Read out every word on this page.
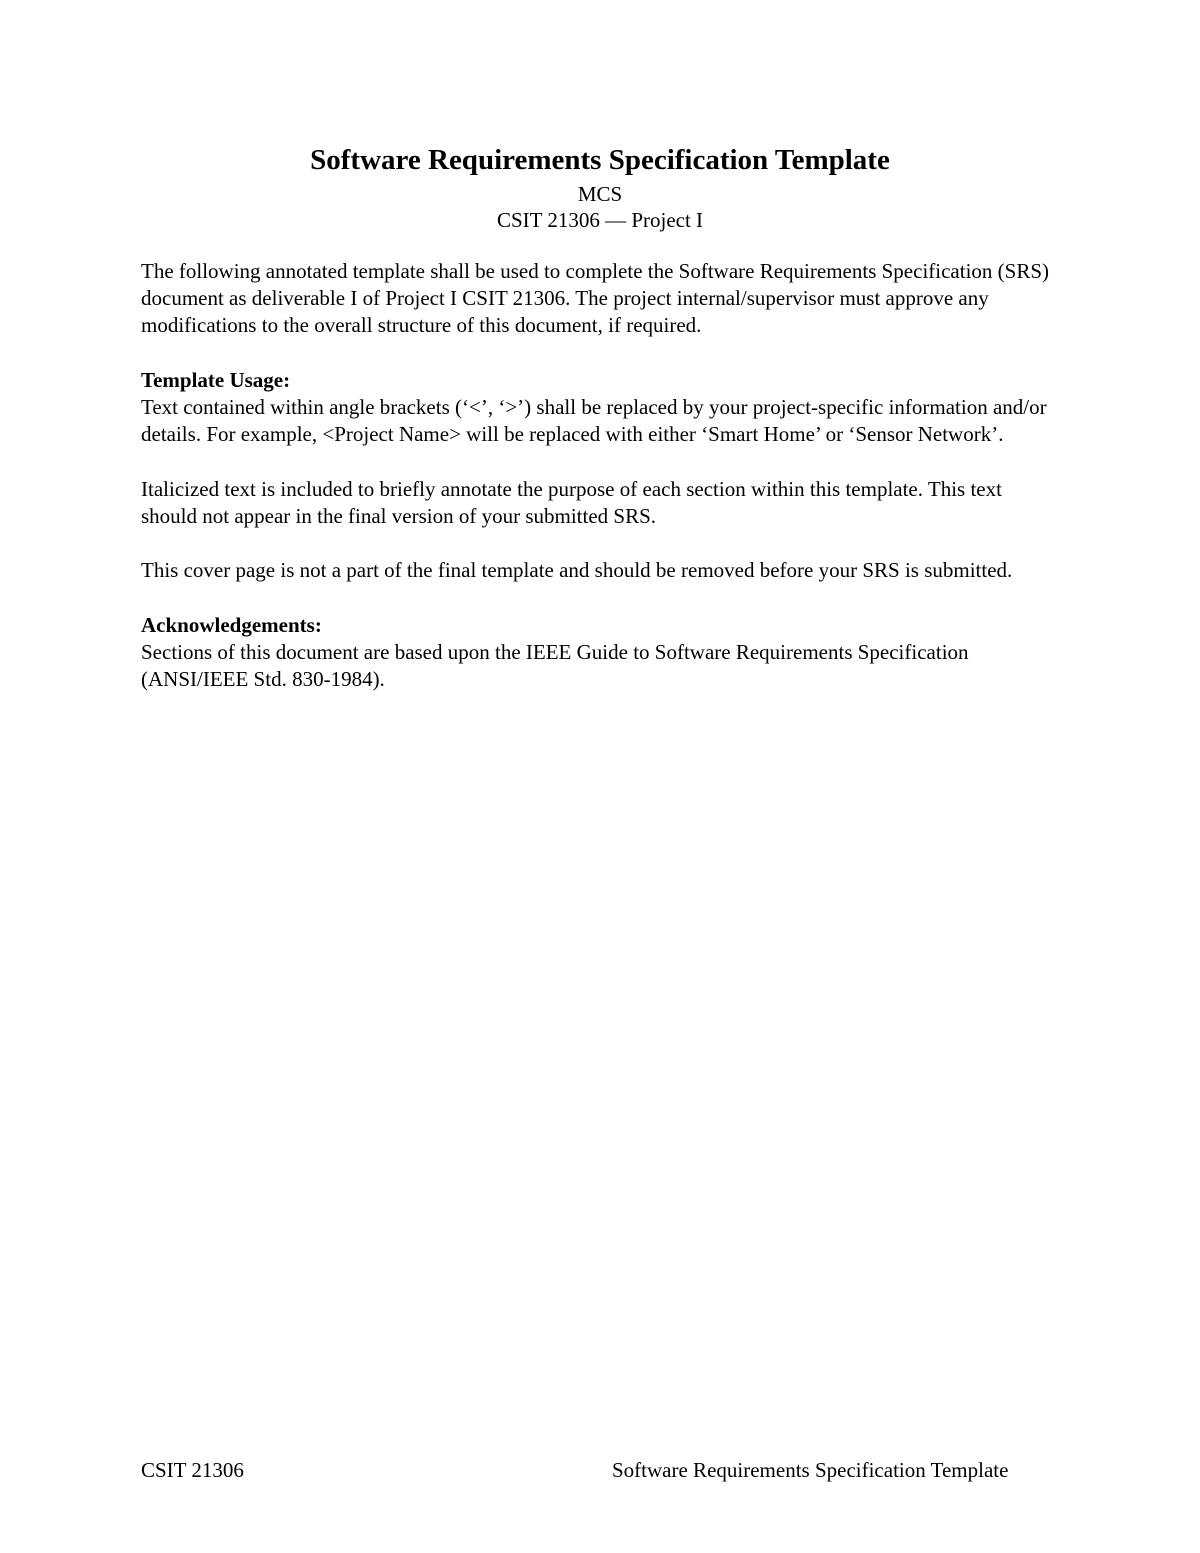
Software Requirements Specification Template
MCS
CSIT 21306 — Project I

The following annotated template shall be used to complete the Software Requirements Specification (SRS) document as deliverable I of Project I CSIT 21306. The project internal/supervisor must approve any modifications to the overall structure of this document, if required.

Template Usage:
Text contained within angle brackets (‘<’, ‘>’) shall be replaced by your project-specific information and/or details. For example, <Project Name> will be replaced with either ‘Smart Home’ or ‘Sensor Network’.

Italicized text is included to briefly annotate the purpose of each section within this template. This text should not appear in the final version of your submitted SRS.

This cover page is not a part of the final template and should be removed before your SRS is submitted.

Acknowledgements:
Sections of this document are based upon the IEEE Guide to Software Requirements Specification (ANSI/IEEE Std. 830-1984).
CSIT 21306	Software Requirements Specification Template
